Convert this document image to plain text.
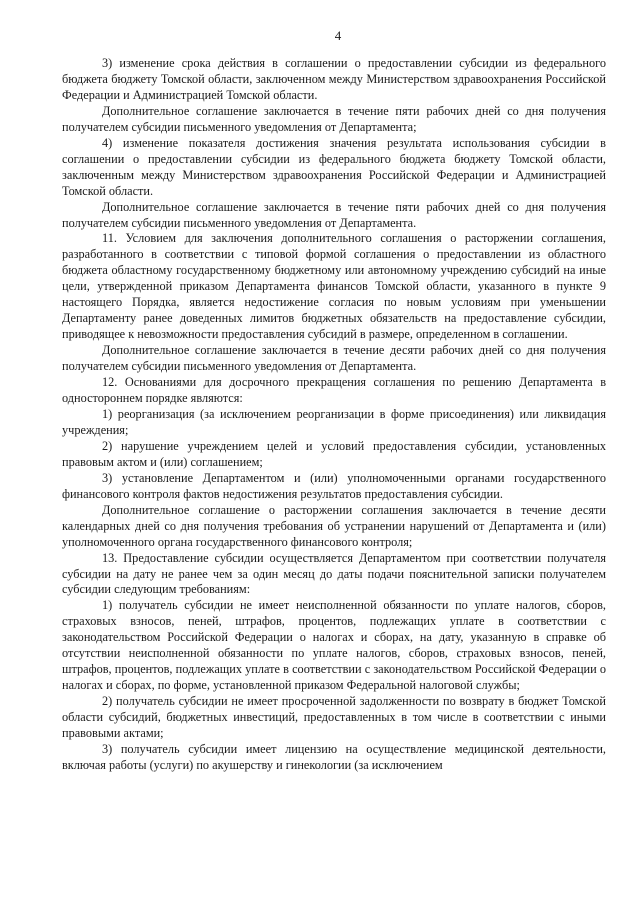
4

3) изменение срока действия в соглашении о предоставлении субсидии из федерального бюджета бюджету Томской области, заключенном между Министерством здравоохранения Российской Федерации и Администрацией Томской области.

Дополнительное соглашение заключается в течение пяти рабочих дней со дня получения получателем субсидии письменного уведомления от Департамента;

4) изменение показателя достижения значения результата использования субсидии в соглашении о предоставлении субсидии из федерального бюджета бюджету Томской области, заключенным между Министерством здравоохранения Российской Федерации и Администрацией Томской области.

Дополнительное соглашение заключается в течение пяти рабочих дней со дня получения получателем субсидии письменного уведомления от Департамента.

11. Условием для заключения дополнительного соглашения о расторжении соглашения, разработанного в соответствии с типовой формой соглашения о предоставлении из областного бюджета областному государственному бюджетному или автономному учреждению субсидий на иные цели, утвержденной приказом Департамента финансов Томской области, указанного в пункте 9 настоящего Порядка, является недостижение согласия по новым условиям при уменьшении Департаменту ранее доведенных лимитов бюджетных обязательств на предоставление субсидии, приводящее к невозможности предоставления субсидий в размере, определенном в соглашении.

Дополнительное соглашение заключается в течение десяти рабочих дней со дня получения получателем субсидии письменного уведомления от Департамента.

12. Основаниями для досрочного прекращения соглашения по решению Департамента в одностороннем порядке являются:

1) реорганизация (за исключением реорганизации в форме присоединения) или ликвидация учреждения;

2) нарушение учреждением целей и условий предоставления субсидии, установленных правовым актом и (или) соглашением;

3) установление Департаментом и (или) уполномоченными органами государственного финансового контроля фактов недостижения результатов предоставления субсидии.

Дополнительное соглашение о расторжении соглашения заключается в течение десяти календарных дней со дня получения требования об устранении нарушений от Департамента и (или) уполномоченного органа государственного финансового контроля;

13. Предоставление субсидии осуществляется Департаментом при соответствии получателя субсидии на дату не ранее чем за один месяц до даты подачи пояснительной записки получателем субсидии следующим требованиям:

1) получатель субсидии не имеет неисполненной обязанности по уплате налогов, сборов, страховых взносов, пеней, штрафов, процентов, подлежащих уплате в соответствии с законодательством Российской Федерации о налогах и сборах, на дату, указанную в справке об отсутствии неисполненной обязанности по уплате налогов, сборов, страховых взносов, пеней, штрафов, процентов, подлежащих уплате в соответствии с законодательством Российской Федерации о налогах и сборах, по форме, установленной приказом Федеральной налоговой службы;

2) получатель субсидии не имеет просроченной задолженности по возврату в бюджет Томской области субсидий, бюджетных инвестиций, предоставленных в том числе в соответствии с иными правовыми актами;

3) получатель субсидии имеет лицензию на осуществление медицинской деятельности, включая работы (услуги) по акушерству и гинекологии (за исключением
